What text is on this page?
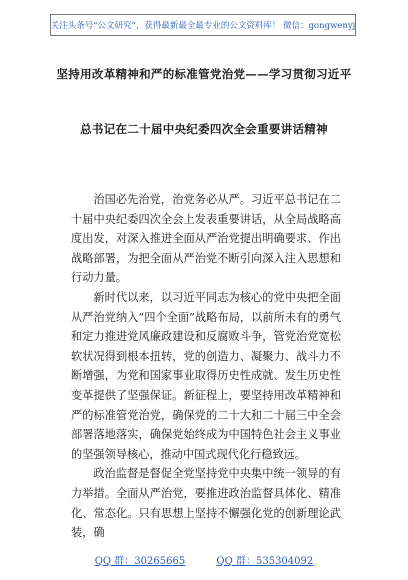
关注头条号“公文研究”，获得最新最全最专业的公文资料库！ 微信：gongwenyj
坚持用改革精神和严的标准管党治党——学习贯彻习近平
总书记在二十届中央纪委四次全会重要讲话精神

治国必先治党，治党务必从严。习近平总书记在二十届中央纪委四次全会上发表重要讲话，从全局战略高度出发，对深入推进全面从严治党提出明确要求、作出战略部署，为把全面从严治党不断引向深入注入思想和行动力量。

新时代以来，以习近平同志为核心的党中央把全面从严治党纳入“四个全面”战略布局，以前所未有的勇气和定力推进党风廉政建设和反腐败斗争，管党治党宽松软状况得到根本扭转，党的创造力、凝聚力、战斗力不断增强，为党和国家事业取得历史性成就、发生历史性变革提供了坚强保证。新征程上，要坚持用改革精神和严的标准管党治党，确保党的二十大和二十届三中全会部署落地落实，确保党始终成为中国特色社会主义事业的坚强领导核心，推动中国式现代化行稳致远。

政治监督是督促全党坚持党中央集中统一领导的有力举措。全面从严治党，要推进政治监督具体化、精准化、常态化。只有思想上坚持不懈强化党的创新理论武装，确

QQ 群：30265665	QQ 群：535304092
